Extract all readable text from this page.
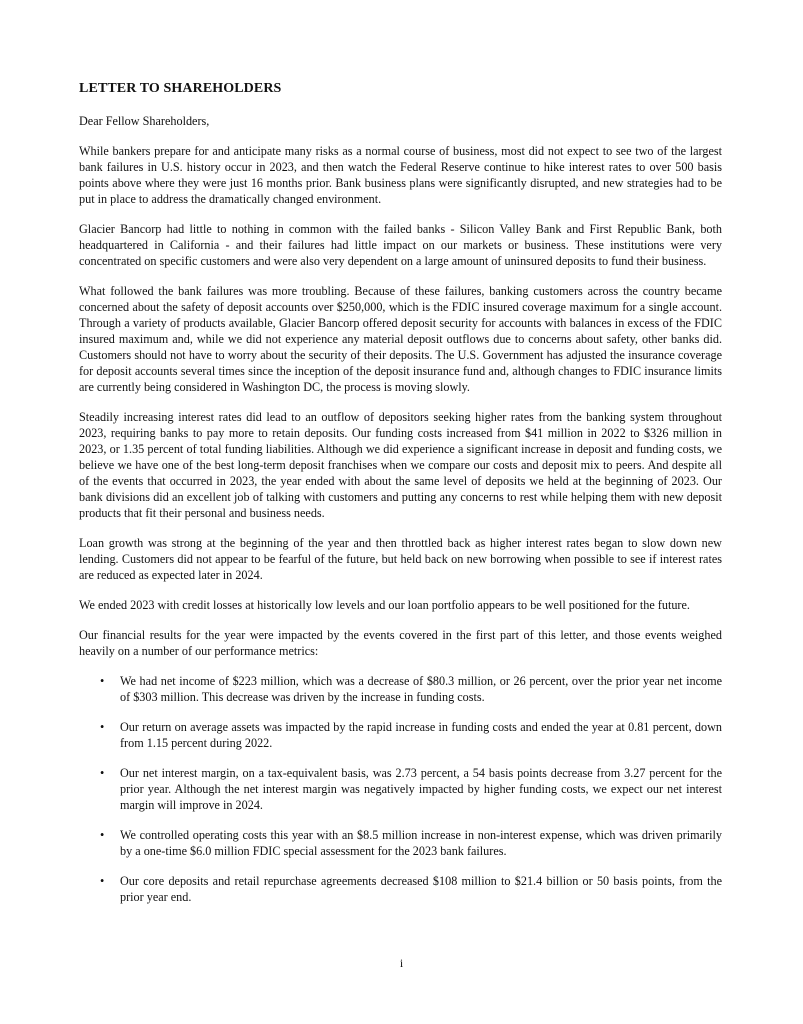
LETTER TO SHAREHOLDERS
Dear Fellow Shareholders,

While bankers prepare for and anticipate many risks as a normal course of business, most did not expect to see two of the largest bank failures in U.S. history occur in 2023, and then watch the Federal Reserve continue to hike interest rates to over 500 basis points above where they were just 16 months prior. Bank business plans were significantly disrupted, and new strategies had to be put in place to address the dramatically changed environment.

Glacier Bancorp had little to nothing in common with the failed banks - Silicon Valley Bank and First Republic Bank, both headquartered in California - and their failures had little impact on our markets or business. These institutions were very concentrated on specific customers and were also very dependent on a large amount of uninsured deposits to fund their business.

What followed the bank failures was more troubling. Because of these failures, banking customers across the country became concerned about the safety of deposit accounts over $250,000, which is the FDIC insured coverage maximum for a single account. Through a variety of products available, Glacier Bancorp offered deposit security for accounts with balances in excess of the FDIC insured maximum and, while we did not experience any material deposit outflows due to concerns about safety, other banks did. Customers should not have to worry about the security of their deposits. The U.S. Government has adjusted the insurance coverage for deposit accounts several times since the inception of the deposit insurance fund and, although changes to FDIC insurance limits are currently being considered in Washington DC, the process is moving slowly.

Steadily increasing interest rates did lead to an outflow of depositors seeking higher rates from the banking system throughout 2023, requiring banks to pay more to retain deposits. Our funding costs increased from $41 million in 2022 to $326 million in 2023, or 1.35 percent of total funding liabilities. Although we did experience a significant increase in deposit and funding costs, we believe we have one of the best long-term deposit franchises when we compare our costs and deposit mix to peers. And despite all of the events that occurred in 2023, the year ended with about the same level of deposits we held at the beginning of 2023. Our bank divisions did an excellent job of talking with customers and putting any concerns to rest while helping them with new deposit products that fit their personal and business needs.

Loan growth was strong at the beginning of the year and then throttled back as higher interest rates began to slow down new lending. Customers did not appear to be fearful of the future, but held back on new borrowing when possible to see if interest rates are reduced as expected later in 2024.

We ended 2023 with credit losses at historically low levels and our loan portfolio appears to be well positioned for the future.

Our financial results for the year were impacted by the events covered in the first part of this letter, and those events weighed heavily on a number of our performance metrics:

• We had net income of $223 million, which was a decrease of $80.3 million, or 26 percent, over the prior year net income of $303 million. This decrease was driven by the increase in funding costs.
• Our return on average assets was impacted by the rapid increase in funding costs and ended the year at 0.81 percent, down from 1.15 percent during 2022.
• Our net interest margin, on a tax-equivalent basis, was 2.73 percent, a 54 basis points decrease from 3.27 percent for the prior year. Although the net interest margin was negatively impacted by higher funding costs, we expect our net interest margin will improve in 2024.
• We controlled operating costs this year with an $8.5 million increase in non-interest expense, which was driven primarily by a one-time $6.0 million FDIC special assessment for the 2023 bank failures.
• Our core deposits and retail repurchase agreements decreased $108 million to $21.4 billion or 50 basis points, from the prior year end.
i
